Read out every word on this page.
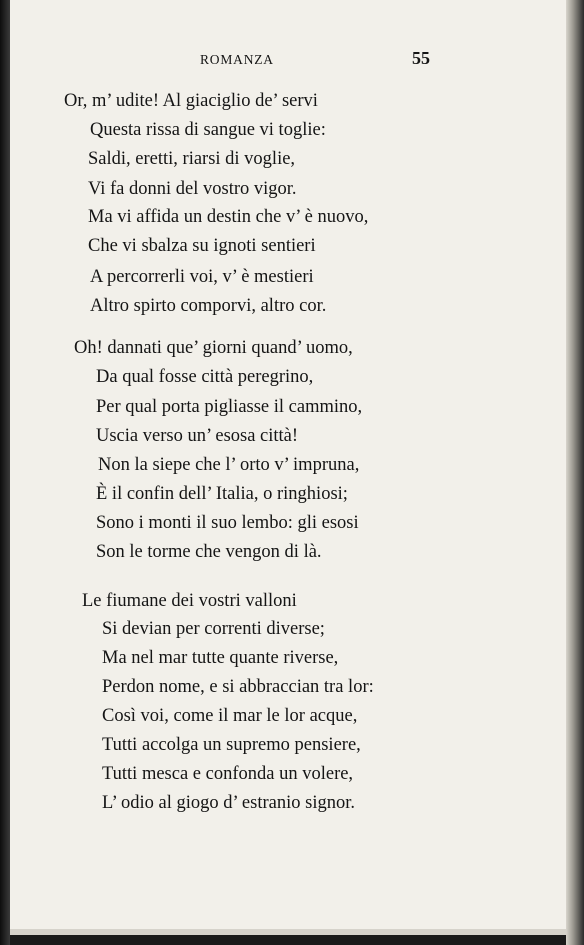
ROMANZA	55
Or, m’ udite! Al giaciglio de’ servi
Questa rissa di sangue vi toglie:
Saldi, eretti, riarsi di voglie,
Vi fa donni del vostro vigor.
Ma vi affida un destin che v’ è nuovo,
Che vi sbalza su ignoti sentieri
A percorrerli voi, v’ è mestieri
Altro spirto comporvi, altro cor.
Oh! dannati que’ giorni quand’ uomo,
Da qual fosse città peregrino,
Per qual porta pigliasse il cammino,
Uscia verso un’ esosa città!
Non la siepe che l’ orto v’ impruna,
È il confin dell’ Italia, o ringhiosi;
Sono i monti il suo lembo: gli esosi
Son le torme che vengon di là.
Le fiumane dei vostri valloni
Si devian per correnti diverse;
Ma nel mar tutte quante riverse,
Perdon nome, e si abbraccian tra lor:
Così voi, come il mar le lor acque,
Tutti accolga un supremo pensiere,
Tutti mesca e confonda un volere,
L’ odio al giogo d’ estranio signor.
